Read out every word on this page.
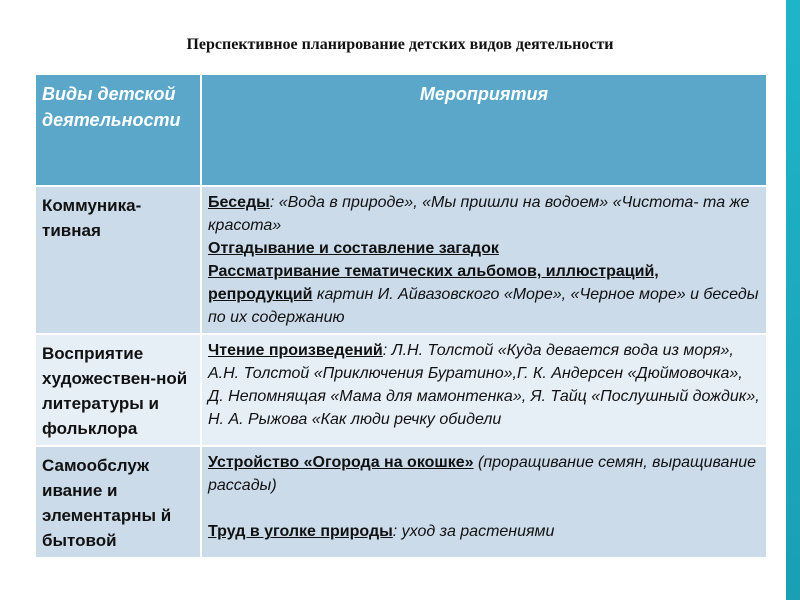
Перспективное планирование детских видов деятельности
Виды детской деятельности	Мероприятия
Коммуника-тивная	Беседы: «Вода в природе», «Мы пришли на водоем» «Чистота- та же красота»
Отгадывание и составление загадок
Рассматривание тематических альбомов, иллюстраций, репродукций картин И. Айвазовского «Море», «Черное море» и беседы по их содержанию
Восприятие художествен-ной литературы и фольклора	Чтение произведений: Л.Н. Толстой «Куда девается вода из моря», А.Н. Толстой «Приключения Буратино»,Г. К. Андерсен «Дюймовочка», Д. Непомнящая «Мама для мамонтенка», Я. Тайц «Послушный дождик», Н. А. Рыжова «Как люди речку обидели
Самообслуж ивание и элементарны й бытовой	Устройство «Огорода на окошке» (проращивание семян, выращивание рассады)
Труд в уголке природы: уход за растениями
